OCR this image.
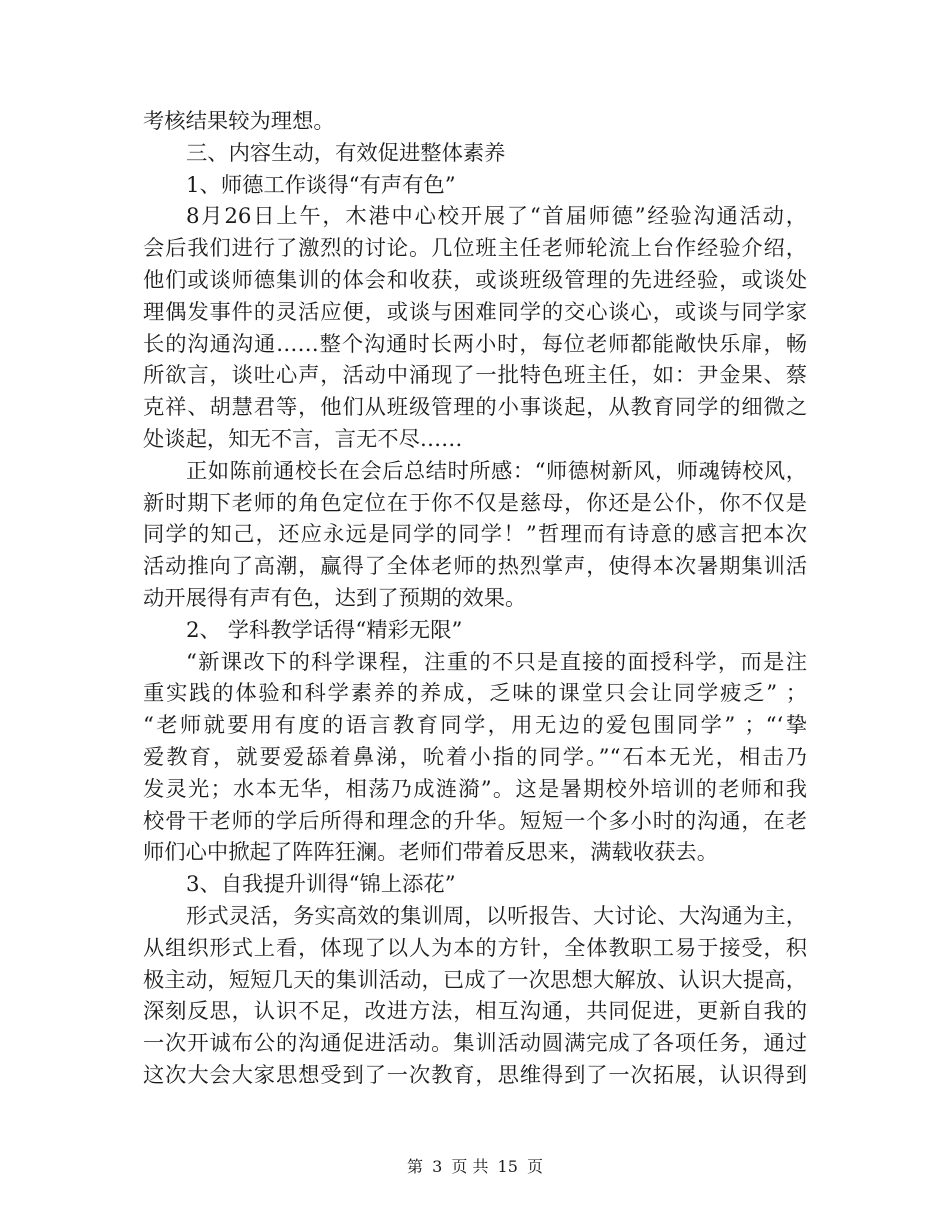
考核结果较为理想。
三、内容生动，有效促进整体素养
1、师德工作谈得“有声有色”
8月26日上午，木港中心校开展了“首届师德”经验沟通活动，
会后我们进行了激烈的讨论。几位班主任老师轮流上台作经验介绍，
他们或谈师德集训的体会和收获，或谈班级管理的先进经验，或谈处
理偶发事件的灵活应便，或谈与困难同学的交心谈心，或谈与同学家
长的沟通沟通……整个沟通时长两小时，每位老师都能敞快乐扉，畅
所欲言，谈吐心声，活动中涌现了一批特色班主任，如：尹金果、蔡
克祥、胡慧君等，他们从班级管理的小事谈起，从教育同学的细微之
处谈起，知无不言，言无不尽……
正如陈前通校长在会后总结时所感：“师德树新风，师魂铸校风，
新时期下老师的角色定位在于你不仅是慈母，你还是公仆，你不仅是
同学的知己，还应永远是同学的同学！”哲理而有诗意的感言把本次
活动推向了高潮，赢得了全体老师的热烈掌声，使得本次暑期集训活
动开展得有声有色，达到了预期的效果。
2、 学科教学话得“精彩无限”
“新课改下的科学课程，注重的不只是直接的面授科学，而是注
重实践的体验和科学素养的养成，乏味的课堂只会让同学疲乏” ；
“老师就要用有度的语言教育同学，用无边的爱包围同学” ；“‘挚
爱教育，就要爱舔着鼻涕，吮着小指的同学。”“石本无光，相击乃
发灵光；水本无华，相荡乃成涟漪”。这是暑期校外培训的老师和我
校骨干老师的学后所得和理念的升华。短短一个多小时的沟通，在老
师们心中掀起了阵阵狂澜。老师们带着反思来，满载收获去。
3、自我提升训得“锦上添花”
形式灵活，务实高效的集训周，以听报告、大讨论、大沟通为主，
从组织形式上看，体现了以人为本的方针，全体教职工易于接受，积
极主动，短短几天的集训活动，已成了一次思想大解放、认识大提高，
深刻反思，认识不足，改进方法，相互沟通，共同促进，更新自我的
一次开诚布公的沟通促进活动。集训活动圆满完成了各项任务，通过
这次大会大家思想受到了一次教育，思维得到了一次拓展，认识得到
第 3 页 共 15 页
